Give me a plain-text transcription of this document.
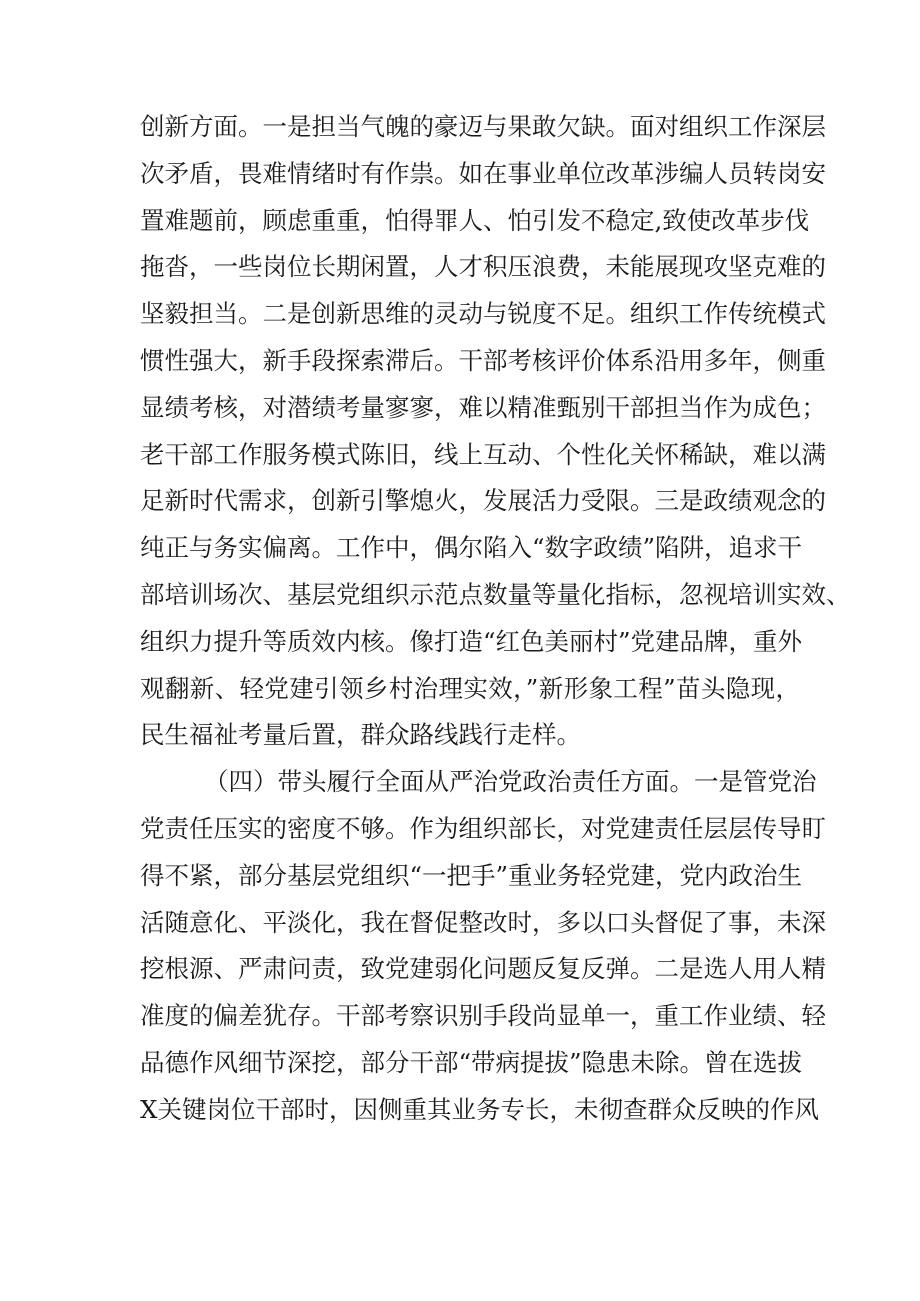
创新方面。一是担当气魄的豪迈与果敢欠缺。面对组织工作深层
次矛盾，畏难情绪时有作祟。如在事业单位改革涉编人员转岗安
置难题前，顾虑重重，怕得罪人、怕引发不稳定,致使改革步伐
拖沓，一些岗位长期闲置，人才积压浪费，未能展现攻坚克难的
坚毅担当。二是创新思维的灵动与锐度不足。组织工作传统模式
惯性强大，新手段探索滞后。干部考核评价体系沿用多年，侧重
显绩考核，对潜绩考量寥寥，难以精准甄别干部担当作为成色；
老干部工作服务模式陈旧，线上互动、个性化关怀稀缺，难以满
足新时代需求，创新引擎熄火，发展活力受限。三是政绩观念的
纯正与务实偏离。工作中，偶尔陷入“数字政绩”陷阱，追求干
部培训场次、基层党组织示范点数量等量化指标，忽视培训实效、
组织力提升等质效内核。像打造“红色美丽村”党建品牌，重外
观翻新、轻党建引领乡村治理实效，”新形象工程”苗头隐现，
民生福祉考量后置，群众路线践行走样。
（四）带头履行全面从严治党政治责任方面。一是管党治
党责任压实的密度不够。作为组织部长，对党建责任层层传导盯
得不紧，部分基层党组织“一把手”重业务轻党建，党内政治生
活随意化、平淡化，我在督促整改时，多以口头督促了事，未深
挖根源、严肃问责，致党建弱化问题反复反弹。二是选人用人精
准度的偏差犹存。干部考察识别手段尚显单一，重工作业绩、轻
品德作风细节深挖，部分干部“带病提拔”隐患未除。曾在选拔
X关键岗位干部时，因侧重其业务专长，未彻查群众反映的作风
